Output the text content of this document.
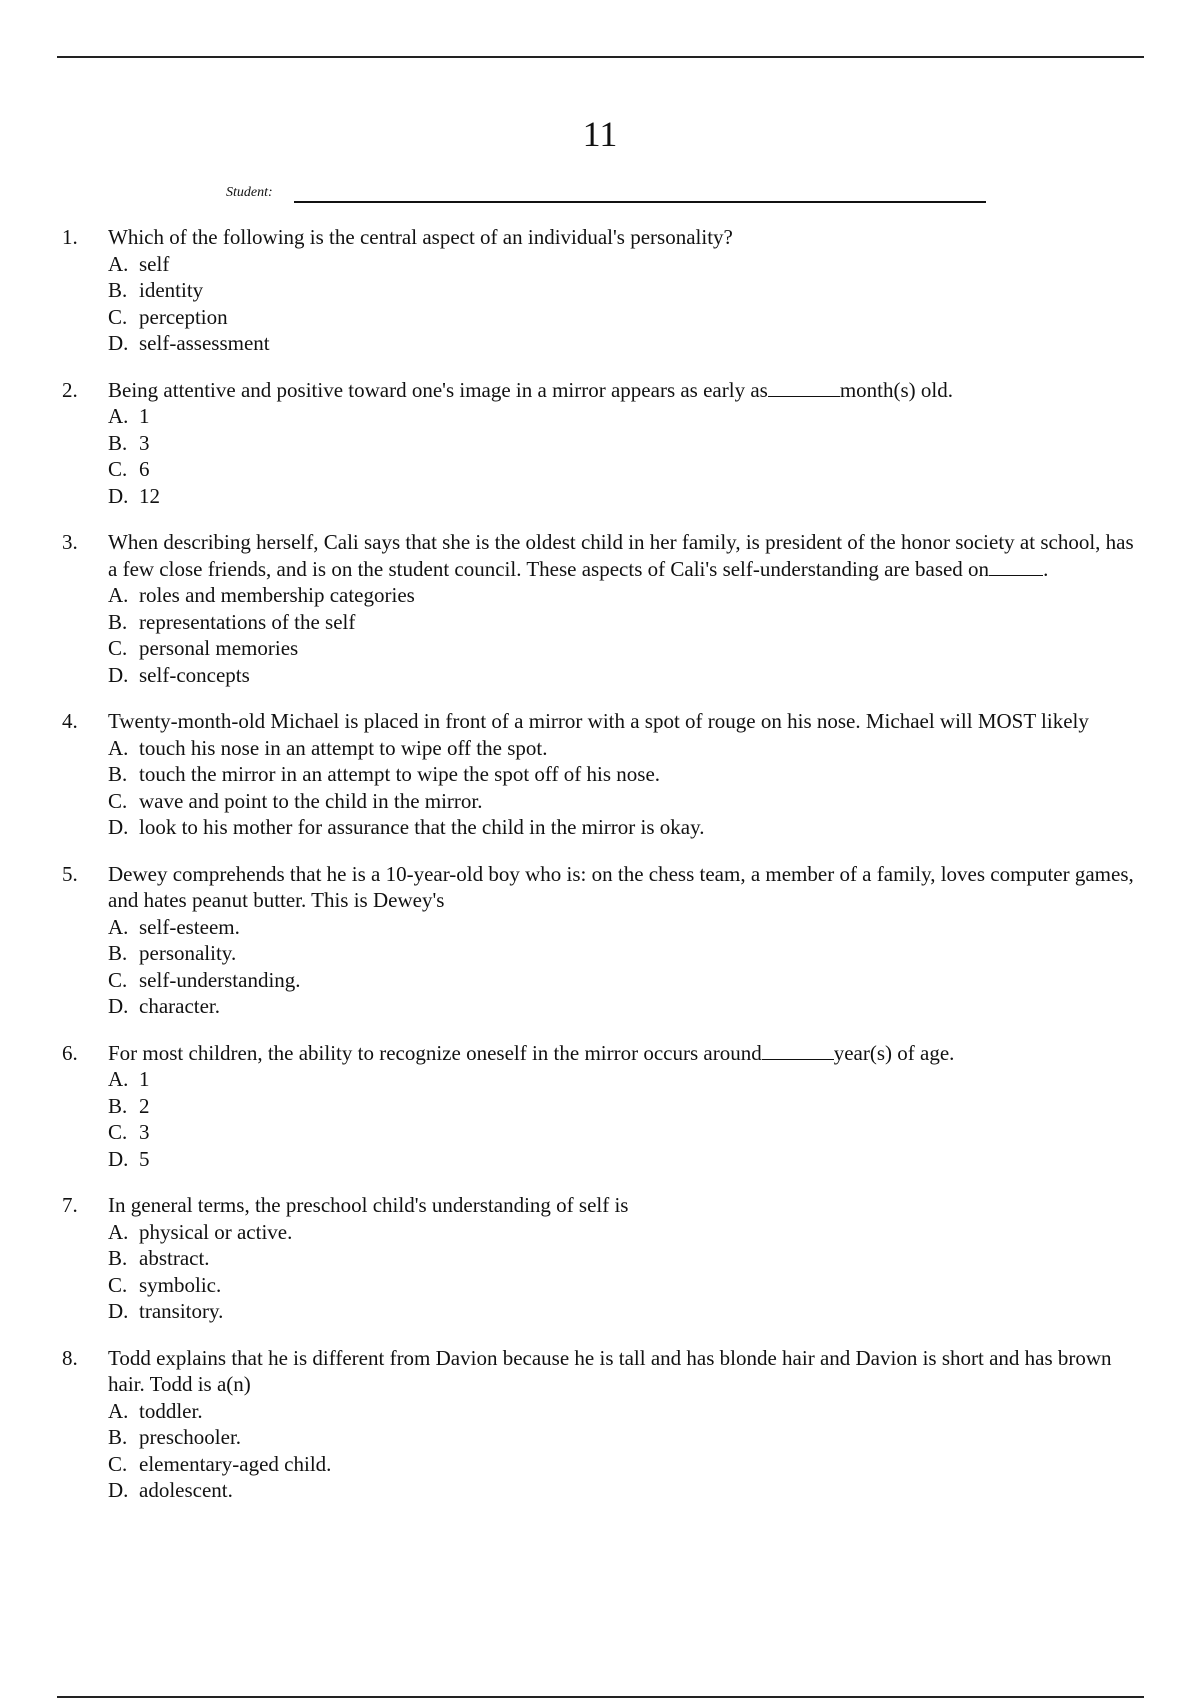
11
Student:
1. Which of the following is the central aspect of an individual's personality?
A. self
B. identity
C. perception
D. self-assessment
2. Being attentive and positive toward one's image in a mirror appears as early as	month(s) old.
A. 1
B. 3
C. 6
D. 12
3. When describing herself, Cali says that she is the oldest child in her family, is president of the honor society at school, has a few close friends, and is on the student council. These aspects of Cali's self-understanding are based on	.
A. roles and membership categories
B. representations of the self
C. personal memories
D. self-concepts
4. Twenty-month-old Michael is placed in front of a mirror with a spot of rouge on his nose. Michael will MOST likely
A. touch his nose in an attempt to wipe off the spot.
B. touch the mirror in an attempt to wipe the spot off of his nose.
C. wave and point to the child in the mirror.
D. look to his mother for assurance that the child in the mirror is okay.
5. Dewey comprehends that he is a 10-year-old boy who is: on the chess team, a member of a family, loves computer games, and hates peanut butter. This is Dewey's
A. self-esteem.
B. personality.
C. self-understanding.
D. character.
6. For most children, the ability to recognize oneself in the mirror occurs around	year(s) of age.
A. 1
B. 2
C. 3
D. 5
7. In general terms, the preschool child's understanding of self is
A. physical or active.
B. abstract.
C. symbolic.
D. transitory.
8. Todd explains that he is different from Davion because he is tall and has blonde hair and Davion is short and has brown hair. Todd is a(n)
A. toddler.
B. preschooler.
C. elementary-aged child.
D. adolescent.
